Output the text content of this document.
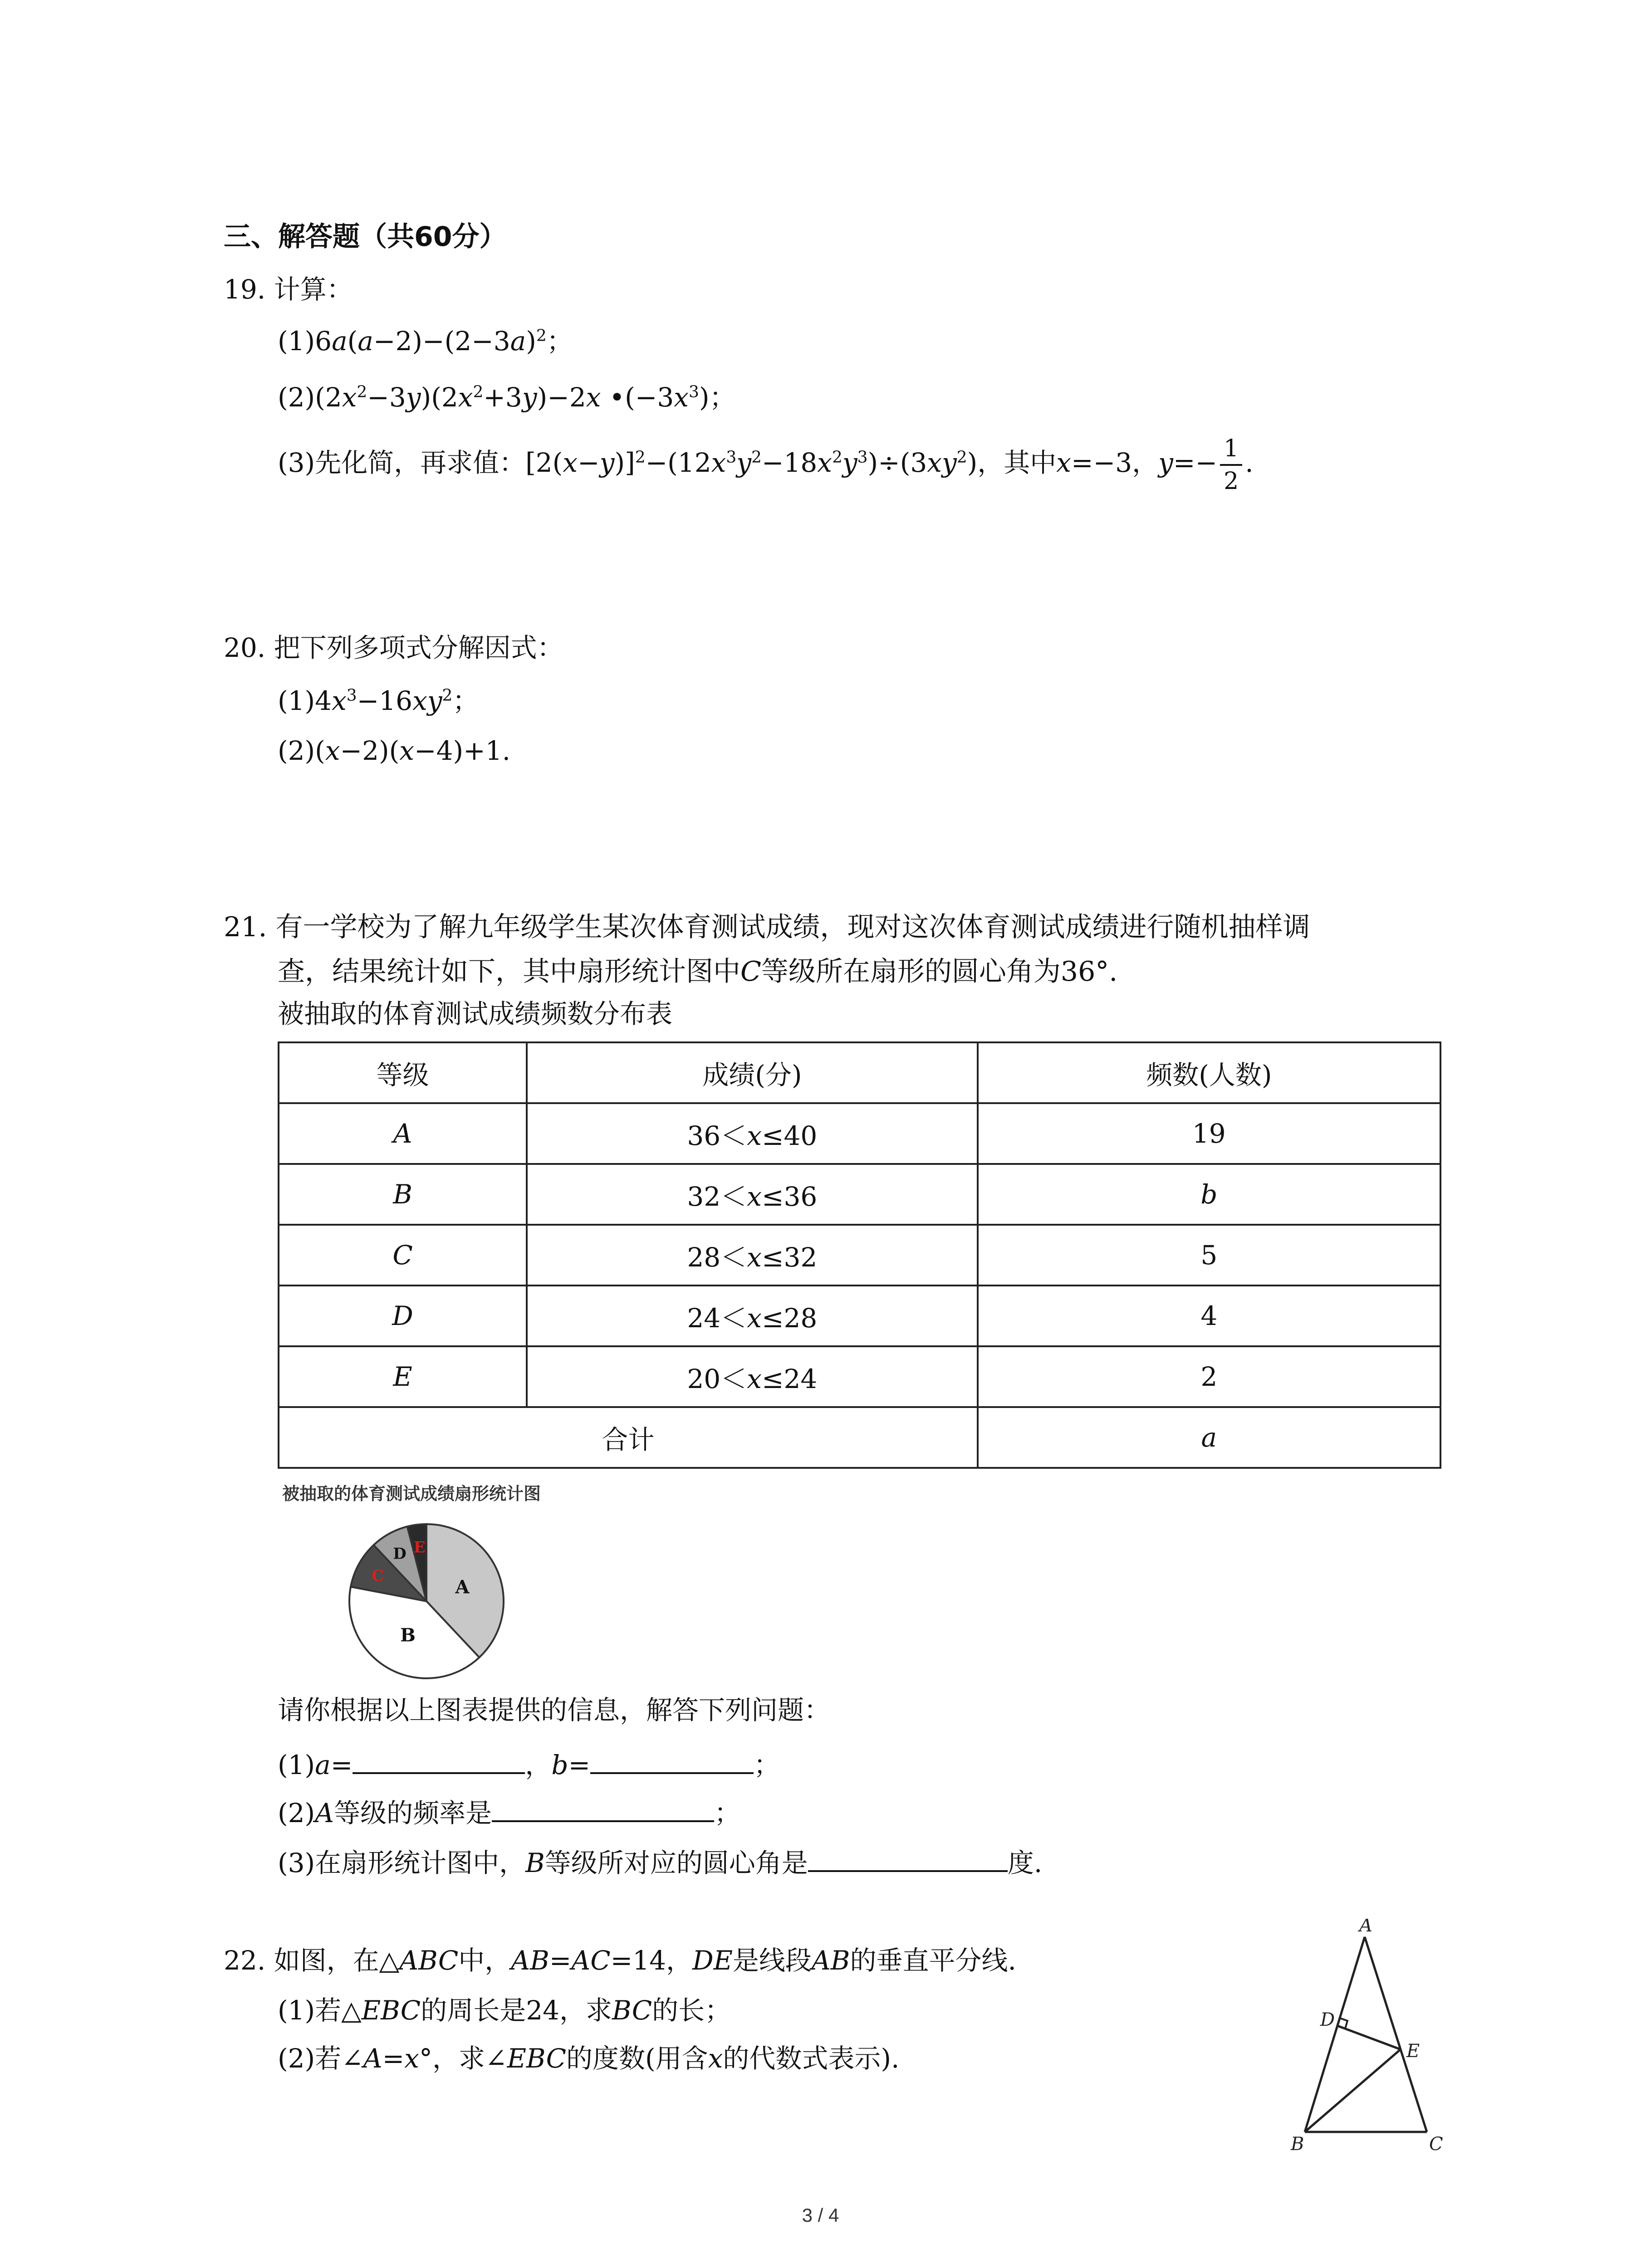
三、解答题（共60分）
19. 计算：
$(1)6a(a-2)-(2-3a)^2$；
$(2)(2x^2-3y)(2x^2+3y)-2x$ $•(-3x^3)$；
(3)先化简，再求值：$[2(x-y)]^2-(12x^3y^2-18x^2y^3)\div(3xy^2)$，其中x=−3，$y=- \frac{1}{2}$ .
20. 把下列多项式分解因式：
$(1)4x^3-16xy^2$；
(2)(x−2)(x−4)+1.
21. 有一学校为了解九年级学生某次体育测试成绩，现对这次体育测试成绩进行随机抽样调
查，结果统计如下，其中扇形统计图中C等级所在扇形的圆心角为36°.
被抽取的体育测试成绩频数分布表
等级	成绩(分)	频数(人数)
A	36＜x≤40	19
B	32＜x≤36	b
C	28＜x≤32	5
D	24＜x≤28	4
E	20＜x≤24	2
合计		a
被抽取的体育测试成绩扇形统计图
A
B
C
D E
请你根据以上图表提供的信息，解答下列问题：
(1)a=	，b=	；
(2)A等级的频率是	；
(3)在扇形统计图中，B等级所对应的圆心角是	度.
22. 如图，在△ABC中，AB=AC=14，DE是线段AB的垂直平分线.
(1)若△EBC的周长是24，求BC的长；
(2)若∠A=x°，求∠EBC的度数(用含x的代数式表示).
A
B	C
D
E
3 / 4
